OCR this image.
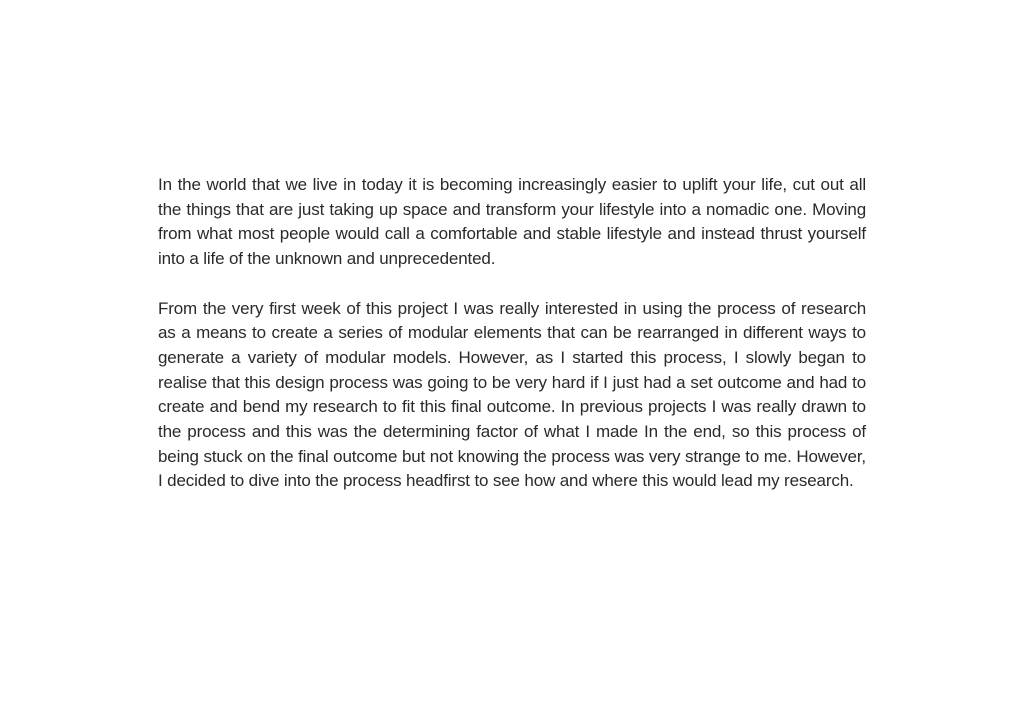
In the world that we live in today it is becoming increasingly easier to uplift your life, cut out all the things that are just taking up space and transform your lifestyle into a nomadic one. Moving from what most people would call a comfortable and stable lifestyle and instead thrust yourself into a life of the unknown and unprecedented.

From the very first week of this project I was really interested in using the process of research as a means to create a series of modular elements that can be rearranged in different ways to generate a variety of modular models. However, as I started this process, I slowly began to realise that this design process was going to be very hard if I just had a set outcome and had to create and bend my research to fit this final outcome. In previous projects I was really drawn to the process and this was the determining factor of what I made In the end, so this process of being stuck on the final outcome but not knowing the process was very strange to me. However, I decided to dive into the process headfirst to see how and where this would lead my research.
